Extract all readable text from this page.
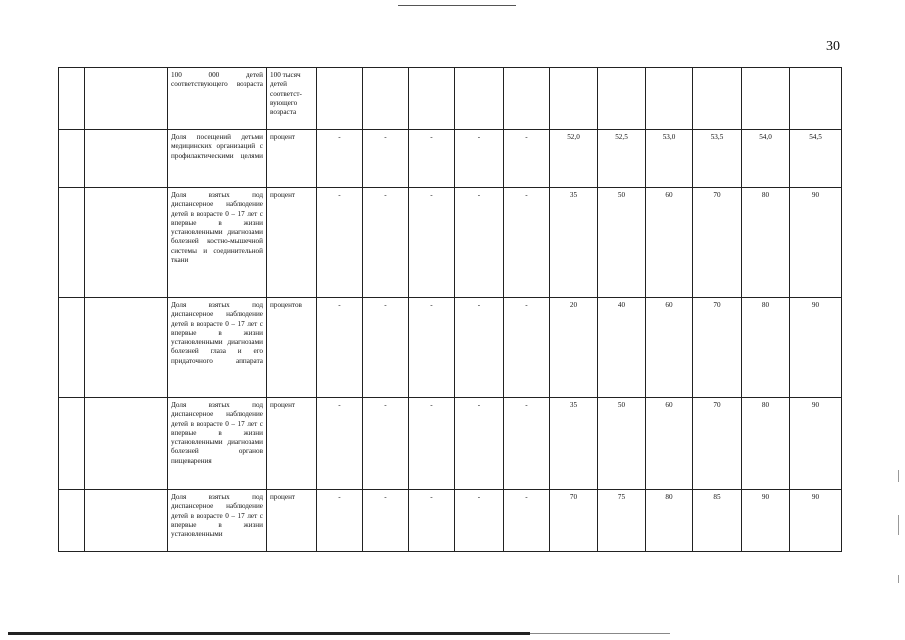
30
		100 000 детей соответствующего возраста	100 тысяч детей соответст-вующего возраста											
		Доля посещений детьми медицинских организаций с профилактическими целями	процент	-	-	-	-	-	52,0	52,5	53,0	53,5	54,0	54,5
		Доля взятых под диспансерное наблюдение детей в возрасте 0 – 17 лет с впервые в жизни установленными диагнозами болезней костно-мышечной системы и соединительной ткани	процент	-	-	-	-	-	35	50	60	70	80	90
		Доля взятых под диспансерное наблюдение детей в возрасте 0 – 17 лет с впервые в жизни установленными диагнозами болезней глаза и его придаточного аппарата	процентов	-	-	-	-	-	20	40	60	70	80	90
		Доля взятых под диспансерное наблюдение детей в возрасте 0 – 17 лет с впервые в жизни установленными диагнозами болезней органов пищеварения	процент	-	-	-	-	-	35	50	60	70	80	90
		Доля взятых под диспансерное наблюдение детей в возрасте 0 – 17 лет с впервые в жизни установленными	процент	-	-	-	-	-	70	75	80	85	90	90
